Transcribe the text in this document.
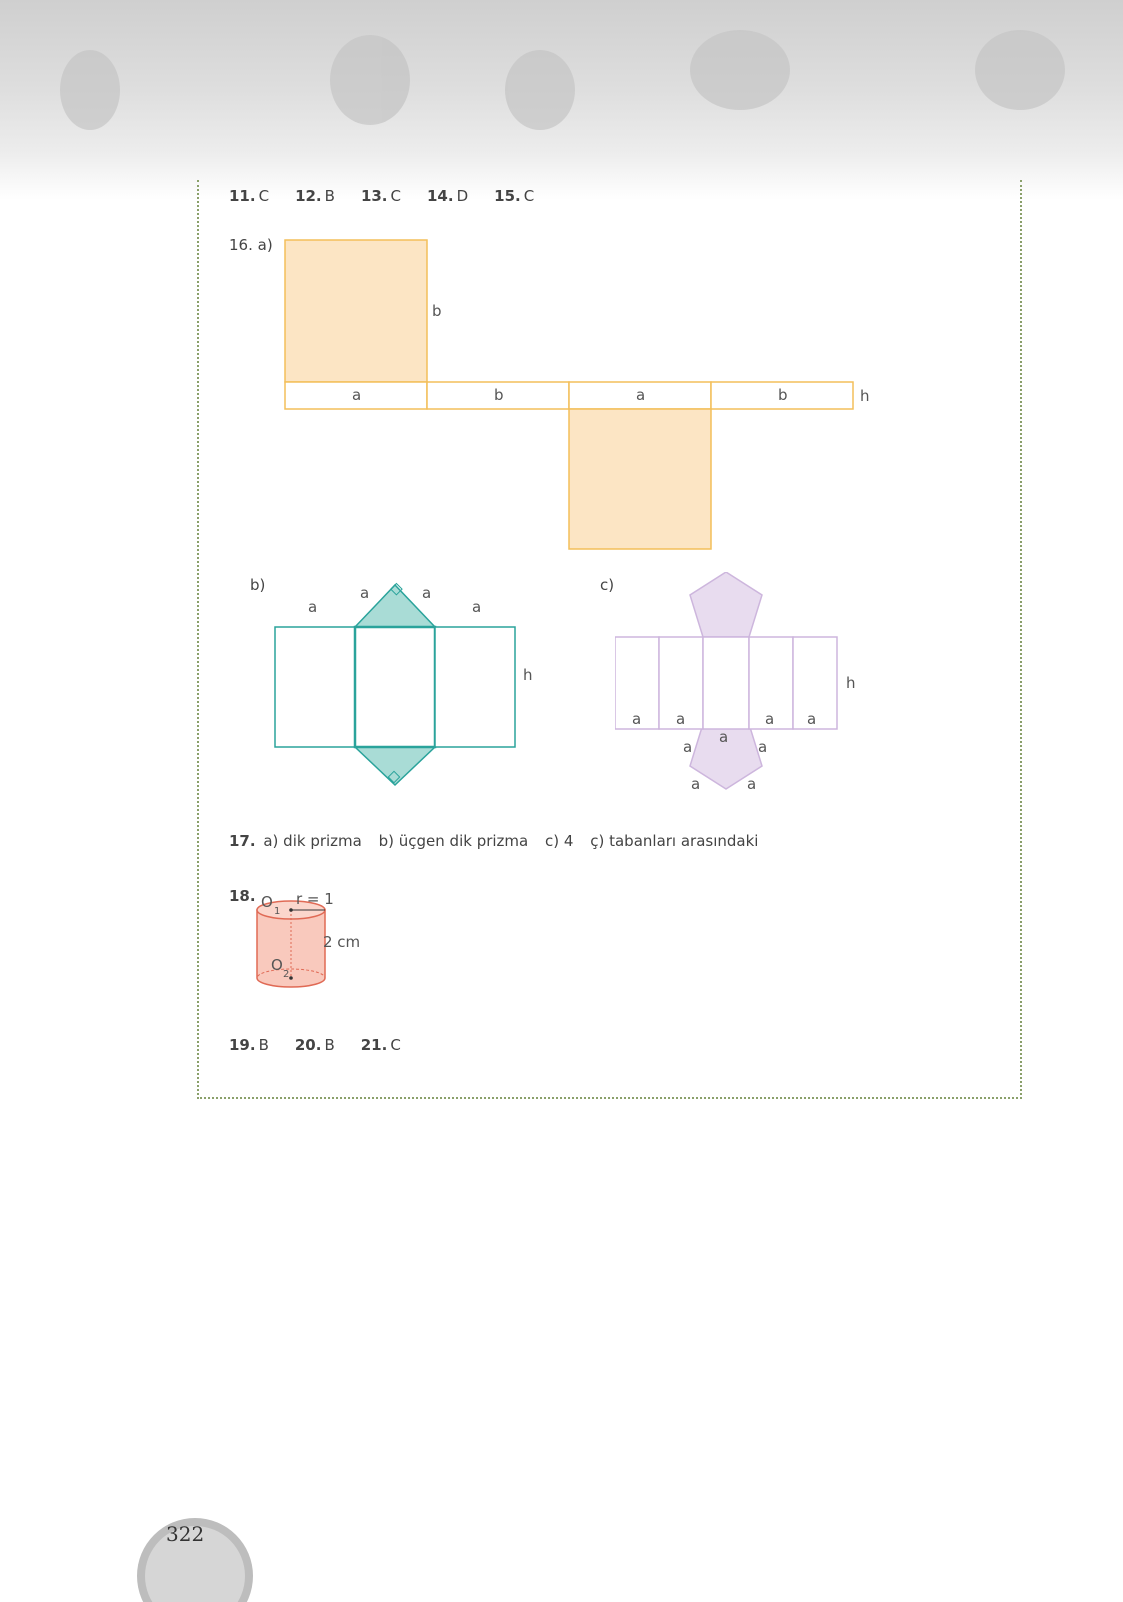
11. C 12. B 13. C 14. D 15. C
16. a)
b
a	b	a	b	h
b)
a
a	a
a
h
c)
h
a a	a a
a
a	a
a	a
17. a) dik prizma b) üçgen dik prizma c) 4 ç) tabanları arasındaki
18. O
1
r = 1
2 cm
O
2
19. B 20. B 21. C
322
